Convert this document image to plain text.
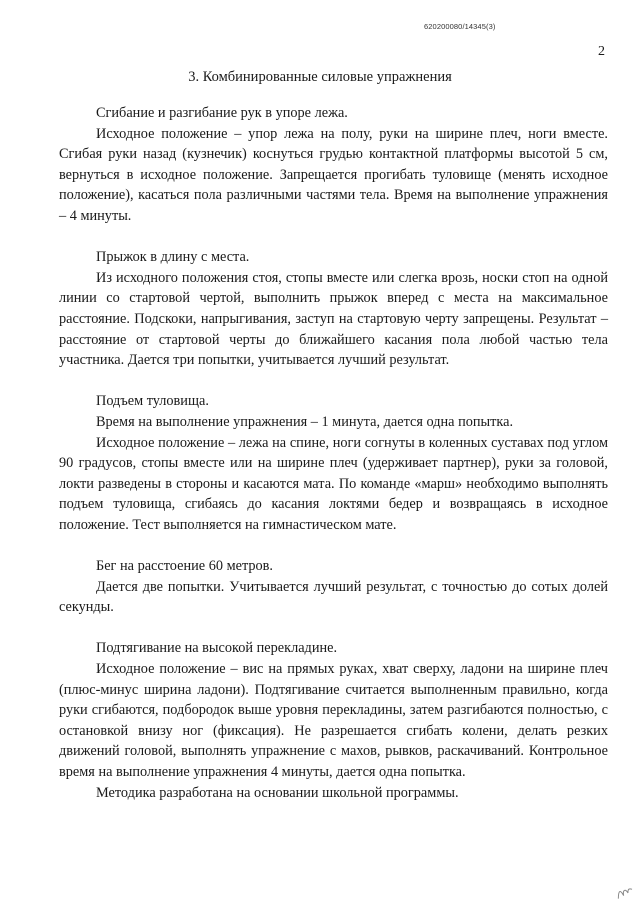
620200080/14345(3)
2
3. Комбинированные силовые упражнения

Сгибание и разгибание рук в упоре лежа.

Исходное положение – упор лежа на полу, руки на ширине плеч, ноги вместе. Сгибая руки назад (кузнечик) коснуться грудью контактной платформы высотой 5 см, вернуться в исходное положение. Запрещается прогибать туловище (менять исходное положение), касаться пола различными частями тела. Время на выполнение упражнения – 4 минуты.

Прыжок в длину с места.

Из исходного положения стоя, стопы вместе или слегка врозь, носки стоп на одной линии со стартовой чертой, выполнить прыжок вперед с места на максимальное расстояние. Подскоки, напрыгивания, заступ на стартовую черту запрещены. Результат – расстояние от стартовой черты до ближайшего касания пола любой частью тела участника. Дается три попытки, учитывается лучший результат.

Подъем туловища.

Время на выполнение упражнения – 1 минута, дается одна попытка.

Исходное положение – лежа на спине, ноги согнуты в коленных суставах под углом 90 градусов, стопы вместе или на ширине плеч (удерживает партнер), руки за головой, локти разведены в стороны и касаются мата. По команде «марш» необходимо выполнять подъем туловища, сгибаясь до касания локтями бедер и возвращаясь в исходное положение. Тест выполняется на гимнастическом мате.

Бег на расстоение 60 метров.

Дается две попытки. Учитывается лучший результат, с точностью до сотых долей секунды.

Подтягивание на высокой перекладине.

Исходное положение – вис на прямых руках, хват сверху, ладони на ширине плеч (плюс-минус ширина ладони). Подтягивание считается выполненным правильно, когда руки сгибаются, подбородок выше уровня перекладины, затем разгибаются полностью, с остановкой внизу ног (фиксация). Не разрешается сгибать колени, делать резких движений головой, выполнять упражнение с махов, рывков, раскачиваний. Контрольное время на выполнение упражнения 4 минуты, дается одна попытка.

Методика разработана на основании школьной программы.
